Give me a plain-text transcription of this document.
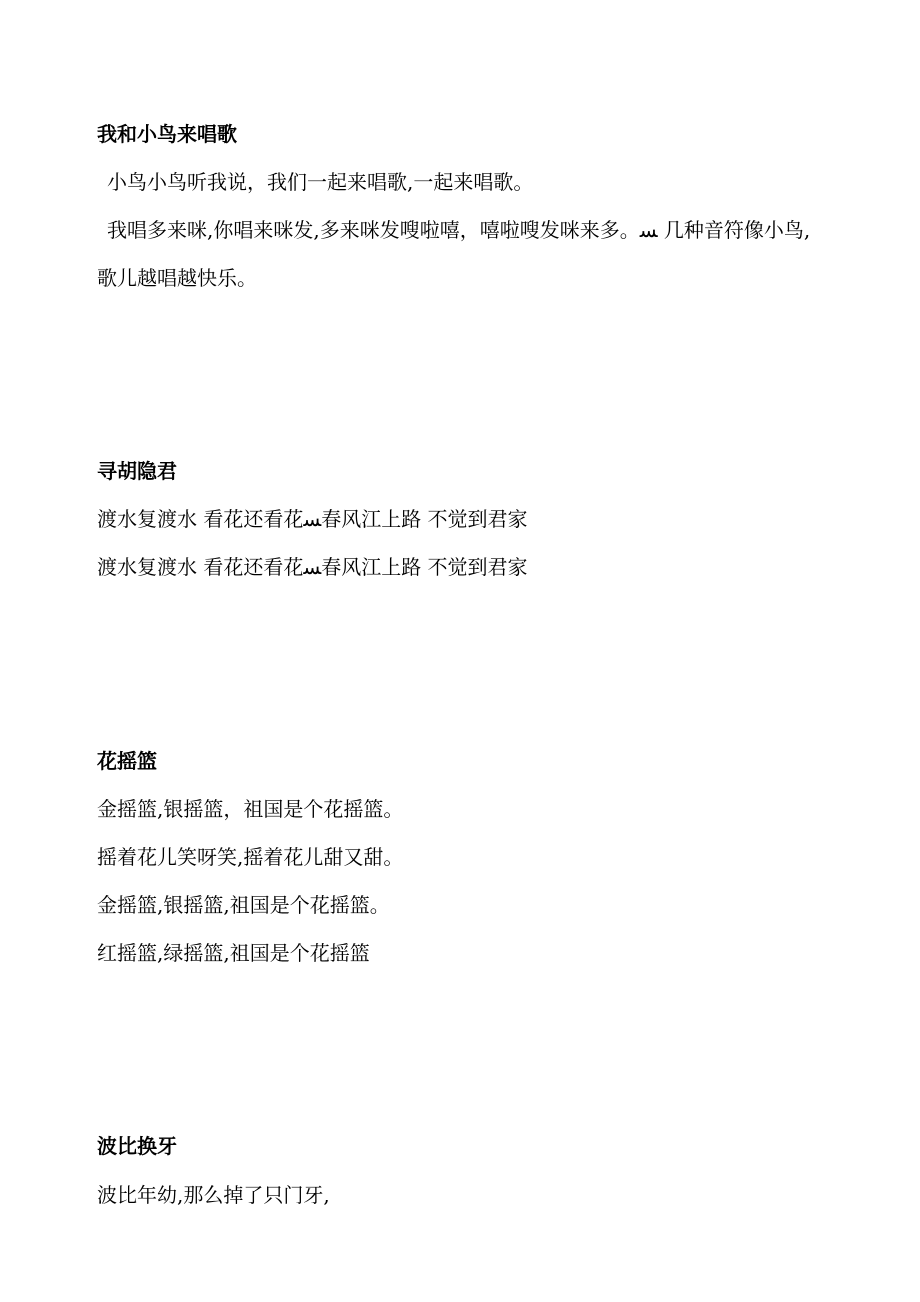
我和小鸟来唱歌

小鸟小鸟听我说，我们一起来唱歌,一起来唱歌。

我唱多来咪,你唱来咪发,多来咪发嗖啦嘻，嘻啦嗖发咪来多。ﺴ 几种音符像小鸟,

歌儿越唱越快乐。

寻胡隐君

渡水复渡水 看花还看花ﺴ春风江上路 不觉到君家

渡水复渡水 看花还看花ﺴ春风江上路 不觉到君家

花摇篮

金摇篮,银摇篮，祖国是个花摇篮。

摇着花儿笑呀笑,摇着花儿甜又甜。

金摇篮,银摇篮,祖国是个花摇篮。

红摇篮,绿摇篮,祖国是个花摇篮

波比换牙

波比年幼,那么掉了只门牙,
